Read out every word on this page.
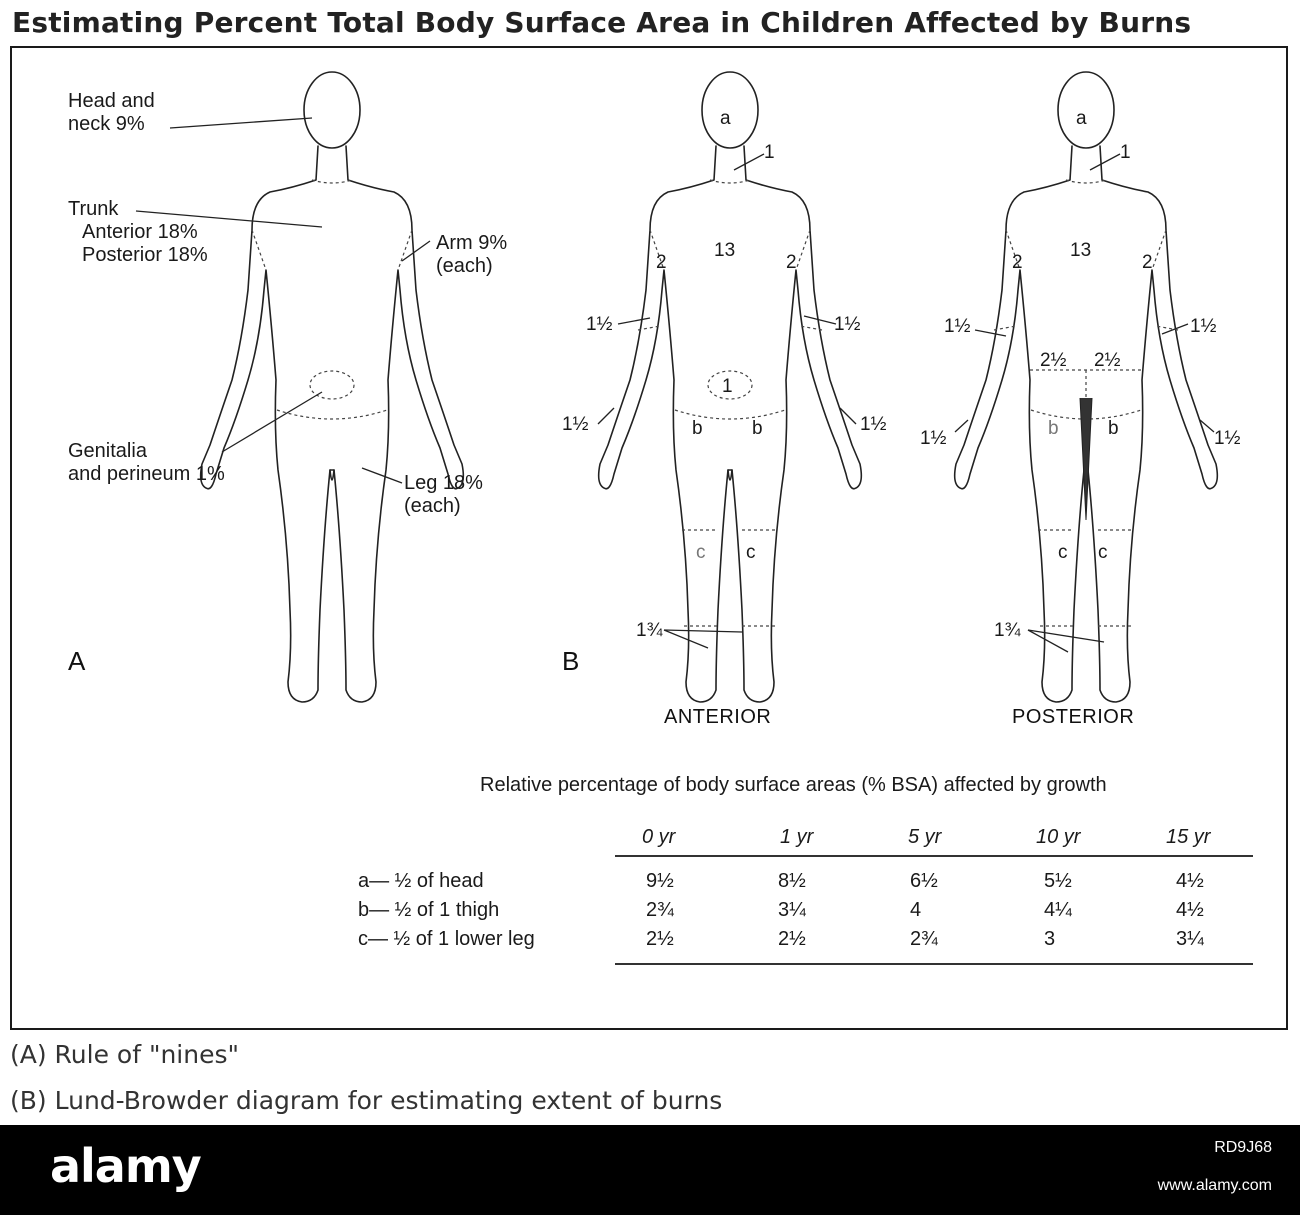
Estimating Percent Total Body Surface Area in Children Affected by Burns
Head and
neck 9%
Trunk
Anterior 18%
Posterior 18%
Arm 9%
(each)
Genitalia
and perineum 1%	Leg 18%
(each)
A
a
1
13
2	2
1½	1½
1
1½	1½
b	b
c c
1¾
B
ANTERIOR
a
1
13
2	2
1½	1½
2½ 2½
1½	1½
b	b
c c
1¾
POSTERIOR
Relative percentage of body surface areas (% BSA) affected by growth
0 yr	1 yr	5 yr	10 yr	15 yr
a— ½ of head	9½	8½	6½	5½	4½
b— ½ of 1 thigh	2¾	3¼	4	4¼	4½
c— ½ of 1 lower leg	2½	2½	2¾	3	3¼
(A) Rule of "nines"
(B) Lund-Browder diagram for estimating extent of burns
alamy	RD9J68
www.alamy.com
